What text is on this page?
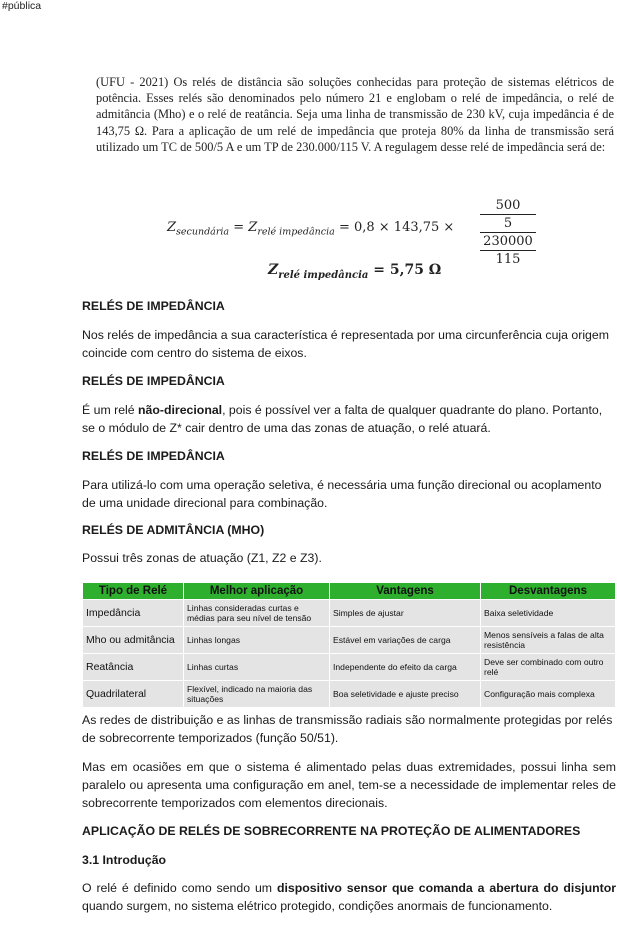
#pública
(UFU - 2021) Os relés de distância são soluções conhecidas para proteção de sistemas elétricos de potência. Esses relés são denominados pelo número 21 e englobam o relé de impedância, o relé de admitância (Mho) e o relé de reatância. Seja uma linha de transmissão de 230 kV, cuja impedância é de 143,75 Ω. Para a aplicação de um relé de impedância que proteja 80% da linha de transmissão será utilizado um TC de 500/5 A e um TP de 230.000/115 V. A regulagem desse relé de impedância será de:
$Z_{secundária} = Z_{relé impedância} = 0,8 \times 143,75$ ×
500
5
230000
115
$Z_{relé impedância} = 5,75$ Ω
RELÉS DE IMPEDÂNCIA

Nos relés de impedância a sua característica é representada por uma circunferência cuja origem coincide com centro do sistema de eixos.

RELÉS DE IMPEDÂNCIA

É um relé não-direcional, pois é possível ver a falta de qualquer quadrante do plano. Portanto, se o módulo de Z* cair dentro de uma das zonas de atuação, o relé atuará.

RELÉS DE IMPEDÂNCIA

Para utilizá-lo com uma operação seletiva, é necessária uma função direcional ou acoplamento de uma unidade direcional para combinação.

RELÉS DE ADMITÂNCIA (MHO)

Possui três zonas de atuação (Z1, Z2 e Z3).

Tipo de Relé	Melhor aplicação	Vantagens	Desvantagens
Impedância	Linhas consideradas curtas e médias para seu nível de tensão	Simples de ajustar	Baixa seletividade
Mho ou admitância	Linhas longas	Estável em variações de carga	Menos sensíveis a falas de alta resistência
Reatância	Linhas curtas	Independente do efeito da carga	Deve ser combinado com outro relé
Quadrilateral	Flexível, indicado na maioria das situações	Boa seletividade e ajuste preciso	Configuração mais complexa

As redes de distribuição e as linhas de transmissão radiais são normalmente protegidas por relés de sobrecorrente temporizados (função 50/51).

Mas em ocasiões em que o sistema é alimentado pelas duas extremidades, possui linha sem paralelo ou apresenta uma configuração em anel, tem-se a necessidade de implementar reles de sobrecorrente temporizados com elementos direcionais.

APLICAÇÃO DE RELÉS DE SOBRECORRENTE NA PROTEÇÃO DE ALIMENTADORES
3.1 Introdução

O relé é definido como sendo um dispositivo sensor que comanda a abertura do disjuntor quando surgem, no sistema elétrico protegido, condições anormais de funcionamento.
